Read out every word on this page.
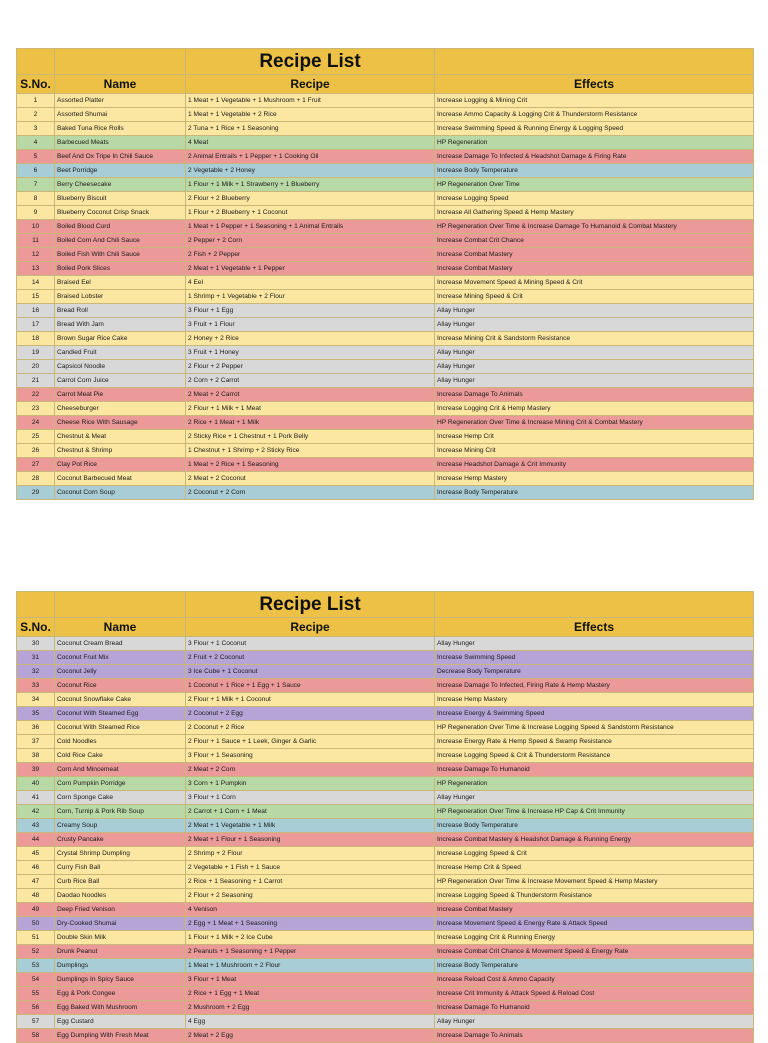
		Recipe List	
S.No.	Name	Recipe	Effects
1	Assorted Platter	1 Meat + 1 Vegetable + 1 Mushroom + 1 Fruit	Increase Logging & Mining Crit
2	Assorted Shumai	1 Meat + 1 Vegetable + 2 Rice	Increase Ammo Capacity & Logging Crit & Thunderstorm Resistance
3	Baked Tuna Rice Rolls	2 Tuna + 1 Rice + 1 Seasoning	Increase Swimming Speed & Running Energy & Logging Speed
4	Barbecued Meats	4 Meat	HP Regeneration
5	Beef And Ox Tripe In Chili Sauce	2 Animal Entrails + 1 Pepper + 1 Cooking Oil	Increase Damage To Infected & Headshot Damage & Firing Rate
6	Beet Porridge	2 Vegetable + 2 Honey	Increase Body Temperature
7	Berry Cheesecake	1 Flour + 1 Milk + 1 Strawberry + 1 Blueberry	HP Regeneration Over Time
8	Blueberry Biscuit	2 Flour + 2 Blueberry	Increase Logging Speed
9	Blueberry Coconut Crisp Snack	1 Flour + 2 Blueberry + 1 Coconut	Increase All Gathering Speed & Hemp Mastery
10	Boiled Blood Curd	1 Meat + 1 Pepper + 1 Seasoning + 1 Animal Entrails	HP Regeneration Over Time & Increase Damage To Humanoid & Combat Mastery
11	Boiled Corn And Chili Sauce	2 Pepper + 2 Corn	Increase Combat Crit Chance
12	Boiled Fish With Chili Sauce	2 Fish + 2 Pepper	Increase Combat Mastery
13	Boiled Pork Slices	2 Meat + 1 Vegetable + 1 Pepper	Increase Combat Mastery
14	Braised Eel	4 Eel	Increase Movement Speed & Mining Speed & Crit
15	Braised Lobster	1 Shrimp + 1 Vegetable + 2 Flour	Increase Mining Speed & Crit
16	Bread Roll	3 Flour + 1 Egg	Allay Hunger
17	Bread With Jam	3 Fruit + 1 Flour	Allay Hunger
18	Brown Sugar Rice Cake	2 Honey + 2 Rice	Increase Mining Crit & Sandstorm Resistance
19	Candied Fruit	3 Fruit + 1 Honey	Allay Hunger
20	Capsicol Noodle	2 Flour + 2 Pepper	Allay Hunger
21	Carrot Corn Juice	2 Corn + 2 Carrot	Allay Hunger
22	Carrot Meat Pie	2 Meat + 2 Carrot	Increase Damage To Animals
23	Cheeseburger	2 Flour + 1 Milk + 1 Meat	Increase Logging Crit & Hemp Mastery
24	Cheese Rice With Sausage	2 Rice + 1 Meat + 1 Milk	HP Regeneration Over Time & Increase Mining Crit & Combat Mastery
25	Chestnut & Meat	2 Sticky Rice + 1 Chestnut + 1 Pork Belly	Increase Hemp Crit
26	Chestnut & Shrimp	1 Chestnut + 1 Shrimp + 2 Sticky Rice	Increase Mining Crit
27	Clay Pot Rice	1 Meat + 2 Rice + 1 Seasoning	Increase Headshot Damage & Crit Immunity
28	Coconut Barbecued Meat	2 Meat + 2 Coconut	Increase Hemp Mastery
29	Coconut Corn Soup	2 Coconut + 2 Corn	Increase Body Temperature
		Recipe List	
S.No.	Name	Recipe	Effects
30	Coconut Cream Bread	3 Flour + 1 Coconut	Allay Hunger
31	Coconut Fruit Mix	2 Fruit + 2 Coconut	Increase Swimming Speed
32	Coconut Jelly	3 Ice Cube + 1 Coconut	Decrease Body Temperature
33	Coconut Rice	1 Coconut + 1 Rice + 1 Egg + 1 Sauce	Increase Damage To Infected, Firing Rate & Hemp Mastery
34	Coconut Snowflake Cake	2 Flour + 1 Milk + 1 Coconut	Increase Hemp Mastery
35	Coconut With Steamed Egg	2 Coconut + 2 Egg	Increase Energy & Swimming Speed
36	Coconut With Steamed Rice	2 Coconut + 2 Rice	HP Regeneration Over Time & Increase Logging Speed & Sandstorm Resistance
37	Cold Noodles	2 Flour + 1 Sauce + 1 Leek, Ginger & Garlic	Increase Energy Rate & Hemp Speed & Swamp Resistance
38	Cold Rice Cake	3 Flour + 1 Seasoning	Increase Logging Speed & Crit & Thunderstorm Resistance
39	Corn And Mincemeat	2 Meat + 2 Corn	Increase Damage To Humanoid
40	Corn Pumpkin Porridge	3 Corn + 1 Pumpkin	HP Regeneration
41	Corn Sponge Cake	3 Flour + 1 Corn	Allay Hunger
42	Corn, Turnip & Pork Rib Soup	2 Carrot + 1 Corn + 1 Meat	HP Regeneration Over Time & Increase HP Cap & Crit Immunity
43	Creamy Soup	2 Meat + 1 Vegetable + 1 Milk	Increase Body Temperature
44	Crusty Pancake	2 Meat + 1 Flour + 1 Seasoning	Increase Combat Mastery & Headshot Damage & Running Energy
45	Crystal Shrimp Dumpling	2 Shrimp + 2 Flour	Increase Logging Speed & Crit
46	Curry Fish Ball	2 Vegetable + 1 Fish + 1 Sauce	Increase Hemp Crit & Speed
47	Curb Rice Ball	2 Rice + 1 Seasoning + 1 Carrot	HP Regeneration Over Time & Increase Movement Speed & Hemp Mastery
48	Daodao Noodles	2 Flour + 2 Seasoning	Increase Logging Speed & Thunderstorm Resistance
49	Deep Fried Venison	4 Venison	Increase Combat Mastery
50	Dry-Cooked Shumai	2 Egg + 1 Meat + 1 Seasoning	Increase Movement Speed & Energy Rate & Attack Speed
51	Double Skin Milk	1 Flour + 1 Milk + 2 Ice Cube	Increase Logging Crit & Running Energy
52	Drunk Peanut	2 Peanuts + 1 Seasoning + 1 Pepper	Increase Combat Crit Chance & Movement Speed & Energy Rate
53	Dumplings	1 Meat + 1 Mushroom + 2 Flour	Increase Body Temperature
54	Dumplings In Spicy Sauce	3 Flour + 1 Meat	Increase Reload Cost & Ammo Capacity
55	Egg & Pork Congee	2 Rice + 1 Egg + 1 Meat	Increase Crit Immunity & Attack Speed & Reload Cost
56	Egg Baked With Mushroom	2 Mushroom + 2 Egg	Increase Damage To Humanoid
57	Egg Custard	4 Egg	Allay Hunger
58	Egg Dumpling With Fresh Meat	2 Meat + 2 Egg	Increase Damage To Animals
